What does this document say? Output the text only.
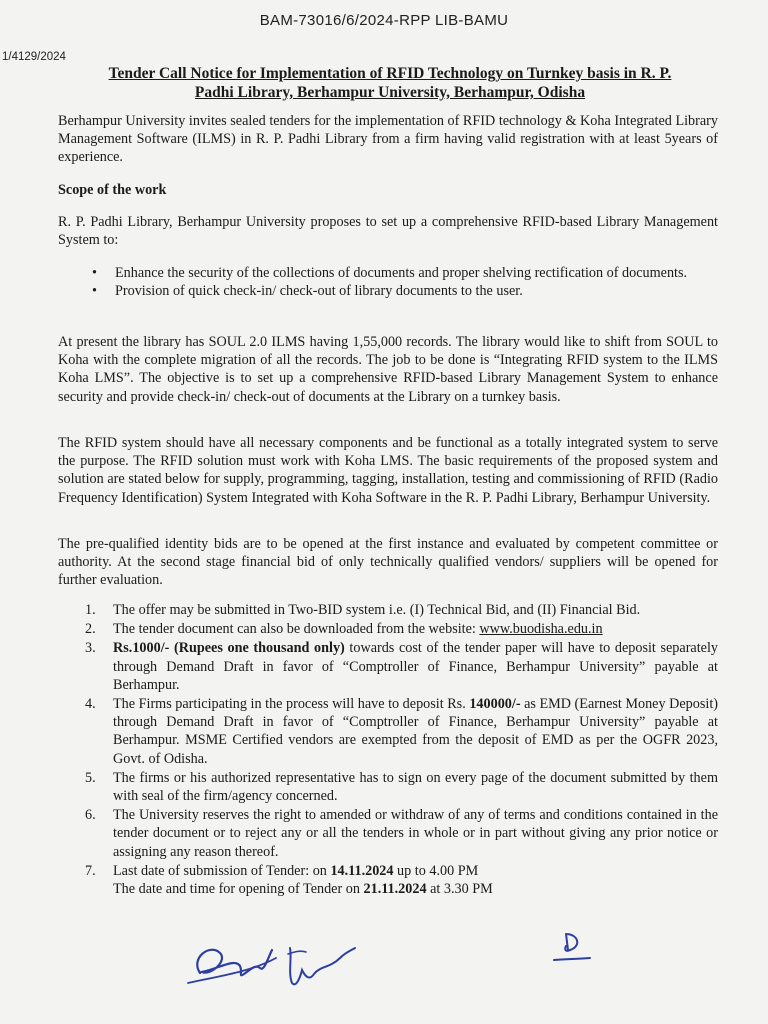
BAM-73016/6/2024-RPP LIB-BAMU
1/4129/2024
Tender Call Notice for Implementation of RFID Technology on Turnkey basis in R. P.
Padhi Library, Berhampur University, Berhampur, Odisha

Berhampur University invites sealed tenders for the implementation of RFID technology & Koha Integrated Library Management Software (ILMS) in R. P. Padhi Library from a firm having valid registration with at least 5years of experience.

Scope of the work

R. P. Padhi Library, Berhampur University proposes to set up a comprehensive RFID-based Library Management System to:

• Enhance the security of the collections of documents and proper shelving rectification of documents.
• Provision of quick check-in/ check-out of library documents to the user.

At present the library has SOUL 2.0 ILMS having 1,55,000 records. The library would like to shift from SOUL to Koha with the complete migration of all the records. The job to be done is “Integrating RFID system to the ILMS Koha LMS”. The objective is to set up a comprehensive RFID-based Library Management System to enhance security and provide check-in/ check-out of documents at the Library on a turnkey basis.

The RFID system should have all necessary components and be functional as a totally integrated system to serve the purpose. The RFID solution must work with Koha LMS. The basic requirements of the proposed system and solution are stated below for supply, programming, tagging, installation, testing and commissioning of RFID (Radio Frequency Identification) System Integrated with Koha Software in the R. P. Padhi Library, Berhampur University.

The pre-qualified identity bids are to be opened at the first instance and evaluated by competent committee or authority. At the second stage financial bid of only technically qualified vendors/ suppliers will be opened for further evaluation.

1. The offer may be submitted in Two-BID system i.e. (I) Technical Bid, and (II) Financial Bid.
2. The tender document can also be downloaded from the website: www.buodisha.edu.in
3. Rs.1000/- (Rupees one thousand only) towards cost of the tender paper will have to deposit separately through Demand Draft in favor of “Comptroller of Finance, Berhampur University” payable at Berhampur.
4. The Firms participating in the process will have to deposit Rs. 140000/- as EMD (Earnest Money Deposit) through Demand Draft in favor of “Comptroller of Finance, Berhampur University” payable at Berhampur. MSME Certified vendors are exempted from the deposit of EMD as per the OGFR 2023, Govt. of Odisha.
5. The firms or his authorized representative has to sign on every page of the document submitted by them with seal of the firm/agency concerned.
6. The University reserves the right to amended or withdraw of any of terms and conditions contained in the tender document or to reject any or all the tenders in whole or in part without giving any prior notice or assigning any reason thereof.
7. Last date of submission of Tender: on 14.11.2024 up to 4.00 PM
The date and time for opening of Tender on 21.11.2024 at 3.30 PM
